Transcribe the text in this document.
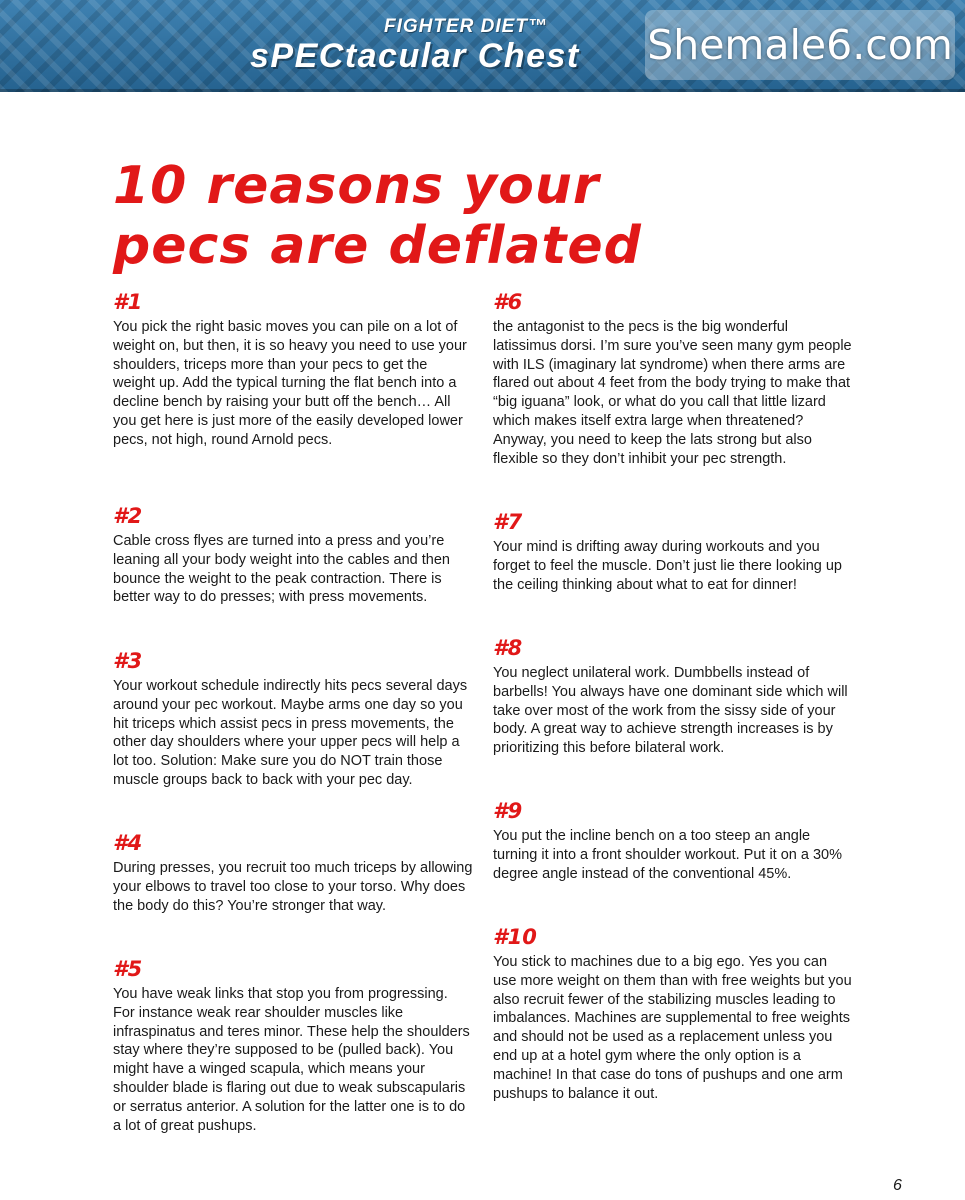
FIGHTER DIET™
sPECtacular Chest Shemale6.com
10 reasons your
pecs are deflated
#1

You pick the right basic moves you can pile on a lot of weight on, but then, it is so heavy you need to use your shoulders, triceps more than your pecs to get the weight up. Add the typical turning the flat bench into a decline bench by raising your butt off the bench… All you get here is just more of the easily developed lower pecs, not high, round Arnold pecs.

#2

Cable cross flyes are turned into a press and you’re leaning all your body weight into the cables and then bounce the weight to the peak contraction. There is better way to do presses; with press movements.

#3

Your workout schedule indirectly hits pecs several days around your pec workout. Maybe arms one day so you hit triceps which assist pecs in press movements, the other day shoulders where your upper pecs will help a lot too. Solution: Make sure you do NOT train those muscle groups back to back with your pec day.

#4

During presses, you recruit too much triceps by allowing your elbows to travel too close to your torso. Why does the body do this? You’re stronger that way.

#5

You have weak links that stop you from progressing. For instance weak rear shoulder muscles like infraspinatus and teres minor. These help the shoulders stay where they’re supposed to be (pulled back). You might have a winged scapula, which means your shoulder blade is flaring out due to weak subscapularis or serratus anterior. A solution for the latter one is to do a lot of great pushups.

#6

the antagonist to the pecs is the big wonderful latissimus dorsi. I’m sure you’ve seen many gym people with ILS (imaginary lat syndrome) when there arms are flared out about 4 feet from the body trying to make that “big iguana” look, or what do you call that little lizard which makes itself extra large when threatened? Anyway, you need to keep the lats strong but also flexible so they don’t inhibit your pec strength.

#7

Your mind is drifting away during workouts and you forget to feel the muscle. Don’t just lie there looking up the ceiling thinking about what to eat for dinner!

#8

You neglect unilateral work. Dumbbells instead of barbells! You always have one dominant side which will take over most of the work from the sissy side of your body. A great way to achieve strength increases is by prioritizing this before bilateral work.

#9

You put the incline bench on a too steep an angle turning it into a front shoulder workout. Put it on a 30% degree angle instead of the conventional 45%.

#10

You stick to machines due to a big ego. Yes you can use more weight on them than with free weights but you also recruit fewer of the stabilizing muscles leading to imbalances. Machines are supplemental to free weights and should not be used as a replacement unless you end up at a hotel gym where the only option is a machine! In that case do tons of pushups and one arm pushups to balance it out.

6
